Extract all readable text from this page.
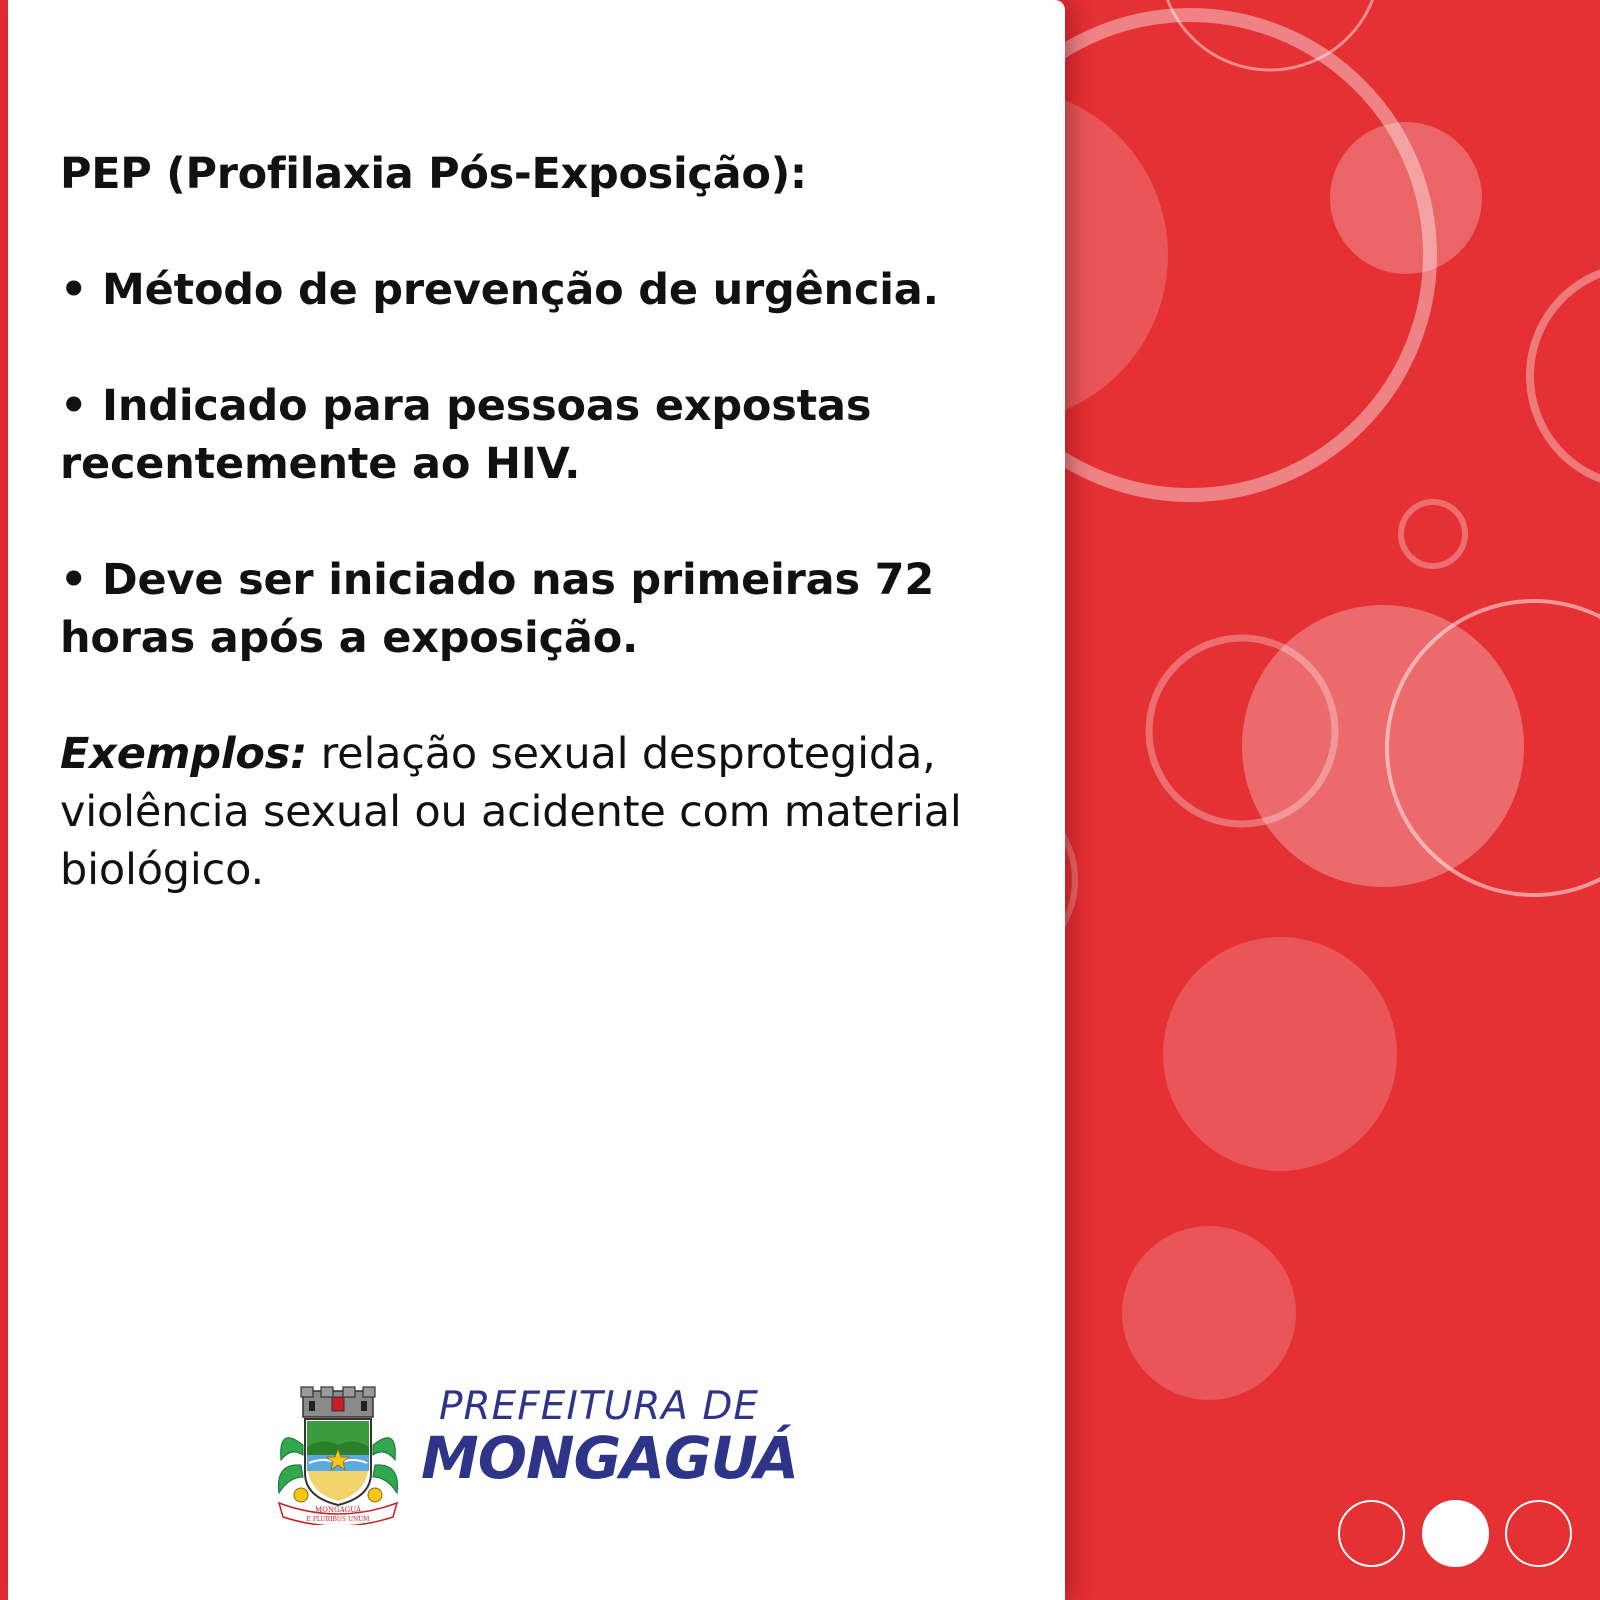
PEP (Profilaxia Pós-Exposição):
• Método de prevenção de urgência.
• Indicado para pessoas expostas recentemente ao HIV.
• Deve ser iniciado nas primeiras 72 horas após a exposição.
Exemplos: relação sexual desprotegida, violência sexual ou acidente com material biológico.
MONGAGUÁ
E PLURIBUS UNUM
PREFEITURA DE
MONGAGUÁ
